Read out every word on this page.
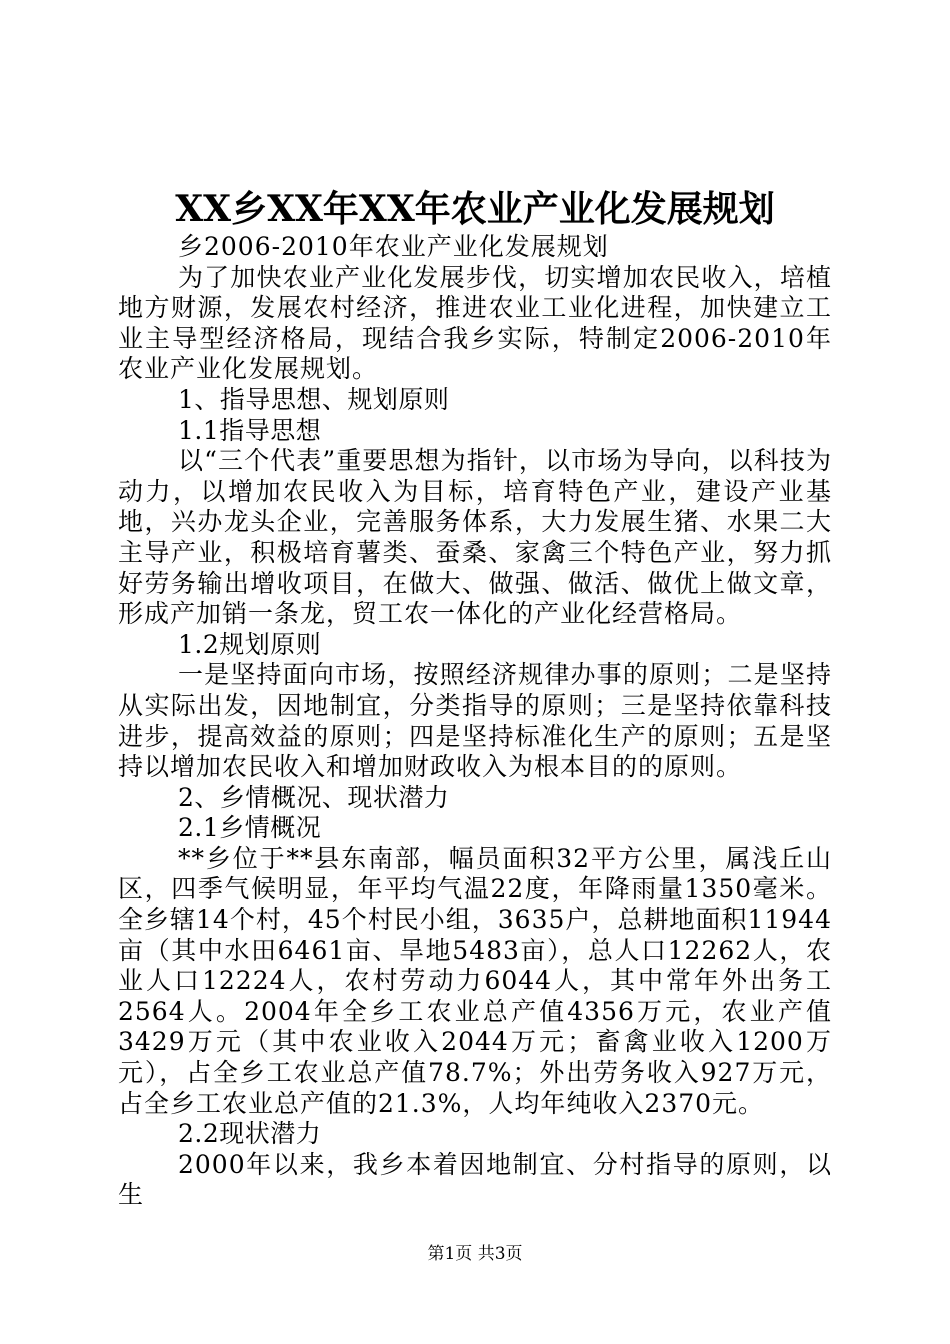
XX乡XX年XX年农业产业化发展规划

乡2006-2010年农业产业化发展规划

为了加快农业产业化发展步伐，切实增加农民收入，培植地方财源，发展农村经济，推进农业工业化进程，加快建立工业主导型经济格局，现结合我乡实际，特制定2006-2010年农业产业化发展规划。

1、指导思想、规划原则

1.1指导思想

以“三个代表”重要思想为指针，以市场为导向，以科技为动力，以增加农民收入为目标，培育特色产业，建设产业基地，兴办龙头企业，完善服务体系，大力发展生猪、水果二大主导产业，积极培育薯类、蚕桑、家禽三个特色产业，努力抓好劳务输出增收项目，在做大、做强、做活、做优上做文章，形成产加销一条龙，贸工农一体化的产业化经营格局。

1.2规划原则

一是坚持面向市场，按照经济规律办事的原则；二是坚持从实际出发，因地制宜，分类指导的原则；三是坚持依靠科技进步，提高效益的原则；四是坚持标准化生产的原则；五是坚持以增加农民收入和增加财政收入为根本目的的原则。

2、乡情概况、现状潜力

2.1乡情概况

**乡位于**县东南部，幅员面积32平方公里，属浅丘山区，四季气候明显，年平均气温22度，年降雨量1350毫米。全乡辖14个村，45个村民小组，3635户，总耕地面积11944亩（其中水田6461亩、旱地5483亩），总人口12262人，农业人口12224人，农村劳动力6044人，其中常年外出务工2564人。2004年全乡工农业总产值4356万元，农业产值3429万元（其中农业收入2044万元；畜禽业收入1200万元），占全乡工农业总产值78.7%；外出劳务收入927万元，占全乡工农业总产值的21.3%，人均年纯收入2370元。

2.2现状潜力

2000年以来，我乡本着因地制宜、分村指导的原则，以生

第1页 共3页
